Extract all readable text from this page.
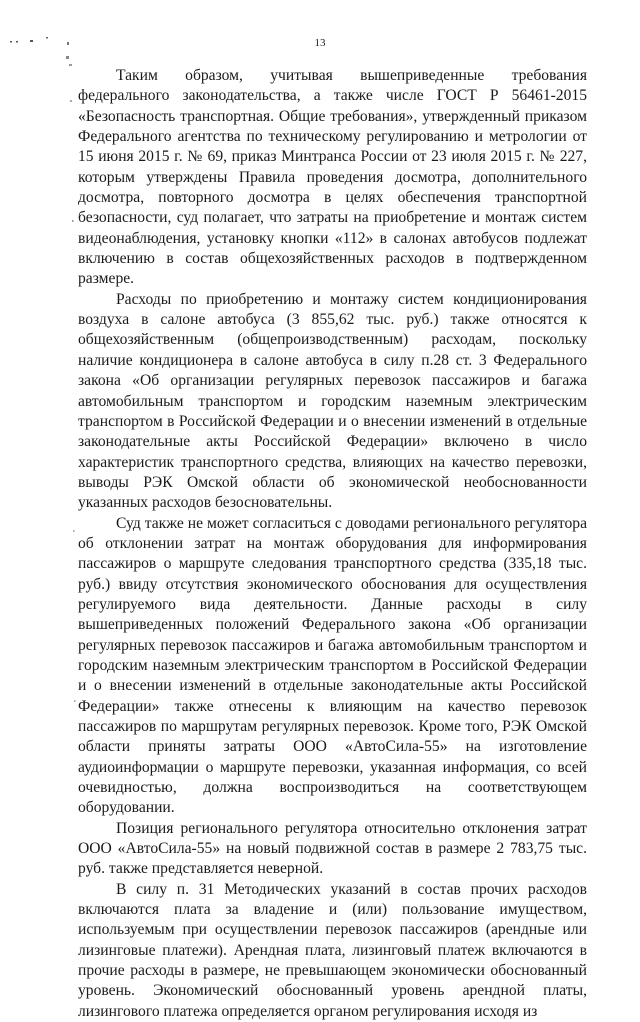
13

Таким образом, учитывая вышеприведенные требования федерального законодательства, а также числе ГОСТ Р 56461-2015 «Безопасность транспортная. Общие требования», утвержденный приказом Федерального агентства по техническому регулированию и метрологии от 15 июня 2015 г. № 69, приказ Минтранса России от 23 июля 2015 г. № 227, которым утверждены Правила проведения досмотра, дополнительного досмотра, повторного досмотра в целях обеспечения транспортной безопасности, суд полагает, что затраты на приобретение и монтаж систем видеонаблюдения, установку кнопки «112» в салонах автобусов подлежат включению в состав общехозяйственных расходов в подтвержденном размере.

Расходы по приобретению и монтажу систем кондиционирования воздуха в салоне автобуса (3 855,62 тыс. руб.) также относятся к общехозяйственным (общепроизводственным) расходам, поскольку наличие кондиционера в салоне автобуса в силу п.28 ст. 3 Федерального закона «Об организации регулярных перевозок пассажиров и багажа автомобильным транспортом и городским наземным электрическим транспортом в Российской Федерации и о внесении изменений в отдельные законодательные акты Российской Федерации» включено в число характеристик транспортного средства, влияющих на качество перевозки, выводы РЭК Омской области об экономической необоснованности указанных расходов безосновательны.

Суд также не может согласиться с доводами регионального регулятора об отклонении затрат на монтаж оборудования для информирования пассажиров о маршруте следования транспортного средства (335,18 тыс. руб.) ввиду отсутствия экономического обоснования для осуществления регулируемого вида деятельности. Данные расходы в силу вышеприведенных положений Федерального закона «Об организации регулярных перевозок пассажиров и багажа автомобильным транспортом и городским наземным электрическим транспортом в Российской Федерации и о внесении изменений в отдельные законодательные акты Российской Федерации» также отнесены к влияющим на качество перевозок пассажиров по маршрутам регулярных перевозок. Кроме того, РЭК Омской области приняты затраты ООО «АвтоСила-55» на изготовление аудиоинформации о маршруте перевозки, указанная информация, со всей очевидностью, должна воспроизводиться на соответствующем оборудовании.

Позиция регионального регулятора относительно отклонения затрат ООО «АвтоСила-55» на новый подвижной состав в размере 2 783,75 тыс. руб. также представляется неверной.

В силу п. 31 Методических указаний в состав прочих расходов включаются плата за владение и (или) пользование имуществом, используемым при осуществлении перевозок пассажиров (арендные или лизинговые платежи). Арендная плата, лизинговый платеж включаются в прочие расходы в размере, не превышающем экономически обоснованный уровень. Экономический обоснованный уровень арендной платы, лизингового платежа определяется органом регулирования исходя из
